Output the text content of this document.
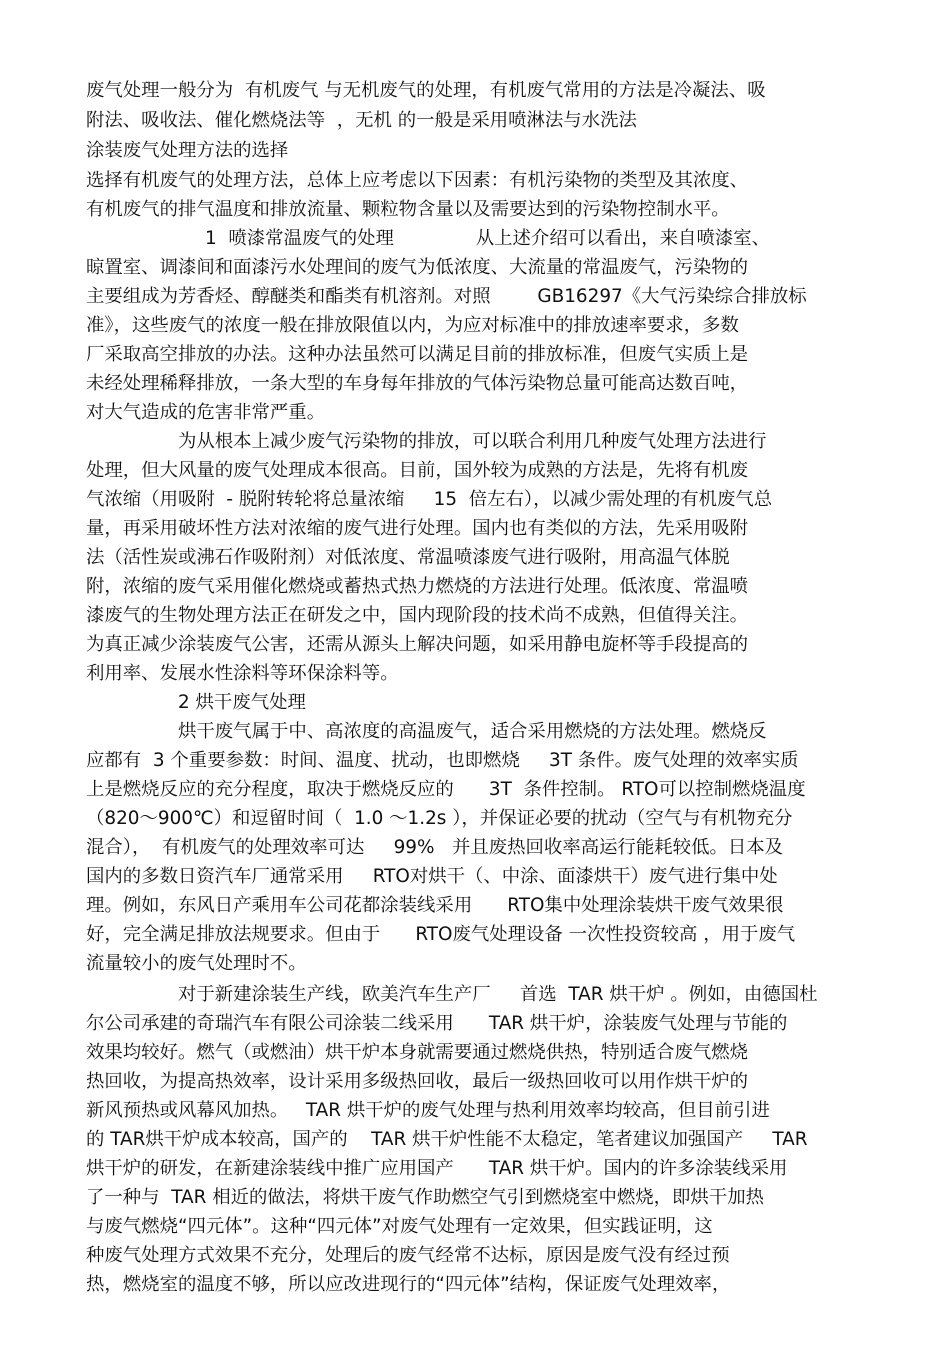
废气处理一般分为  有机废气 与无机废气的处理，有机废气常用的方法是冷凝法、吸
附法、吸收法、催化燃烧法等  ，无机 的一般是采用喷淋法与水洗法
涂装废气处理方法的选择
选择有机废气的处理方法，总体上应考虑以下因素：有机污染物的类型及其浓度、
有机废气的排气温度和排放流量、颗粒物含量以及需要达到的污染物控制水平。
1  喷漆常温废气的处理              从上述介绍可以看出，来自喷漆室、
晾置室、调漆间和面漆污水处理间的废气为低浓度、大流量的常温废气，污染物的
主要组成为芳香烃、醇醚类和酯类有机溶剂。对照        GB16297《大气污染综合排放标
准》，这些废气的浓度一般在排放限值以内，为应对标准中的排放速率要求，多数
厂采取高空排放的办法。这种办法虽然可以满足目前的排放标准，但废气实质上是
未经处理稀释排放，一条大型的车身每年排放的气体污染物总量可能高达数百吨，
对大气造成的危害非常严重。
为从根本上减少废气污染物的排放，可以联合利用几种废气处理方法进行
处理，但大风量的废气处理成本很高。目前，国外较为成熟的方法是，先将有机废
气浓缩（用吸附  - 脱附转轮将总量浓缩     15  倍左右），以减少需处理的有机废气总
量，再采用破坏性方法对浓缩的废气进行处理。国内也有类似的方法，先采用吸附
法（活性炭或沸石作吸附剂）对低浓度、常温喷漆废气进行吸附，用高温气体脱
附，浓缩的废气采用催化燃烧或蓄热式热力燃烧的方法进行处理。低浓度、常温喷
漆废气的生物处理方法正在研发之中，国内现阶段的技术尚不成熟，但值得关注。
为真正减少涂装废气公害，还需从源头上解决问题，如采用静电旋杯等手段提高的
利用率、发展水性涂料等环保涂料等。
2 烘干废气处理
烘干废气属于中、高浓度的高温废气，适合采用燃烧的方法处理。燃烧反
应都有  3 个重要参数：时间、温度、扰动，也即燃烧     3T 条件。废气处理的效率实质
上是燃烧反应的充分程度，取决于燃烧反应的      3T  条件控制。 RTO可以控制燃烧温度
（820～900℃）和逗留时间（  1.0 ～1.2s ），并保证必要的扰动（空气与有机物充分
混合），  有机废气的处理效率可达     99%   并且废热回收率高运行能耗较低。日本及
国内的多数日资汽车厂通常采用     RTO对烘干（、中涂、面漆烘干）废气进行集中处
理。例如，东风日产乘用车公司花都涂装线采用      RTO集中处理涂装烘干废气效果很
好，完全满足排放法规要求。但由于      RTO废气处理设备 一次性投资较高 ，用于废气
流量较小的废气处理时不。
对于新建涂装生产线，欧美汽车生产厂     首选  TAR 烘干炉 。例如，由德国杜
尔公司承建的奇瑞汽车有限公司涂装二线采用      TAR 烘干炉，涂装废气处理与节能的
效果均较好。燃气（或燃油）烘干炉本身就需要通过燃烧供热，特别适合废气燃烧
热回收，为提高热效率，设计采用多级热回收，最后一级热回收可以用作烘干炉的
新风预热或风幕风加热。   TAR 烘干炉的废气处理与热利用效率均较高，但目前引进
的 TAR烘干炉成本较高，国产的    TAR 烘干炉性能不太稳定，笔者建议加强国产     TAR
烘干炉的研发，在新建涂装线中推广应用国产      TAR 烘干炉。国内的许多涂装线采用
了一种与  TAR 相近的做法，将烘干废气作助燃空气引到燃烧室中燃烧，即烘干加热
与废气燃烧“四元体”。这种“四元体”对废气处理有一定效果，但实践证明，这
种废气处理方式效果不充分，处理后的废气经常不达标，原因是废气没有经过预
热，燃烧室的温度不够，所以应改进现行的“四元体”结构，保证废气处理效率，
